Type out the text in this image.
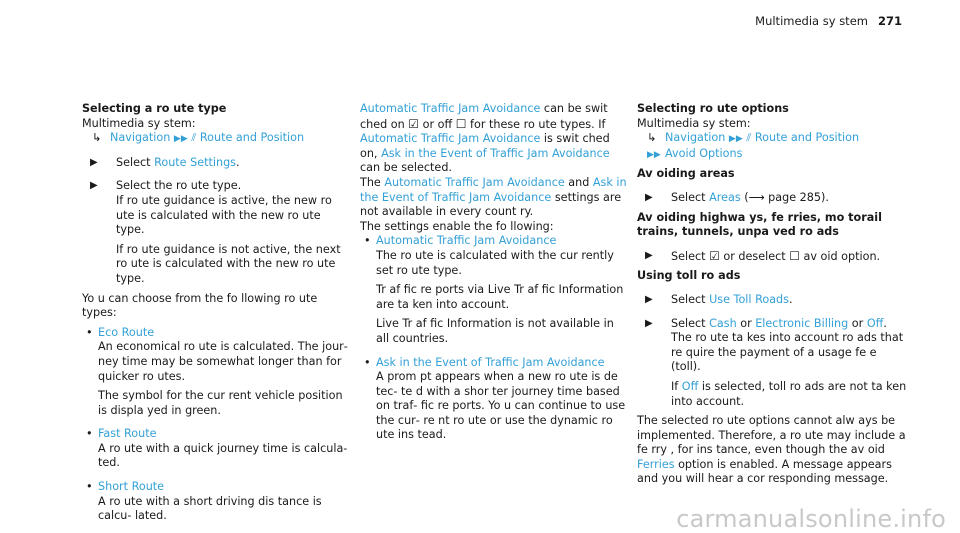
Multimedia sy stem 271

Selecting a ro ute type

Multimedia sy stem:

↳ Navigation ▶▶ ⫽ Route and Position

▶ Select Route Settings.

▶ Select the ro ute type.

If ro ute guidance is active, the new ro ute is calculated with the new ro ute type.

If ro ute guidance is not active, the next ro ute is calculated with the new ro ute type.

Yo u can choose from the fo llowing ro ute types:

• Eco Route

An economical ro ute is calculated. The jour‐ ney time may be somewhat longer than for quicker ro utes.

The symbol for the cur rent vehicle position is displa yed in green.

• Fast Route

A ro ute with a quick journey time is calcula‐ ted.

• Short Route

A ro ute with a short driving dis tance is calcu‐ lated.

Automatic Traffic Jam Avoidance can be swit ched on ☑ or off ☐ for these ro ute types. If Automatic Traffic Jam Avoidance is swit ched on, Ask in the Event of Traffic Jam Avoidance can be selected.

The Automatic Traffic Jam Avoidance and Ask in the Event of Traffic Jam Avoidance settings are not available in every count ry.

The settings enable the fo llowing:

• Automatic Traffic Jam Avoidance

The ro ute is calculated with the cur rently set ro ute type.

Tr af fic re ports via Live Tr af fic Information are ta ken into account.

Live Tr af fic Information is not available in all countries.

• Ask in the Event of Traffic Jam Avoidance

A prom pt appears when a new ro ute is de tec‐ te d with a shor ter journey time based on traf‐ fic re ports. Yo u can continue to use the cur‐ re nt ro ute or use the dynamic ro ute ins tead.

Selecting ro ute options

Multimedia sy stem:

↳ Navigation ▶▶ ⫽ Route and Position

▶▶ Avoid Options

Av oiding areas

▶ Select Areas (⟶ page 285).

Av oiding highwa ys, fe rries, mo torail trains, tunnels, unpa ved ro ads

▶ Select ☑ or deselect ☐ av oid option.

Using toll ro ads

▶ Select Use Toll Roads.

▶ Select Cash or Electronic Billing or Off.

The ro ute ta kes into account ro ads that re quire the payment of a usage fe e (toll).

If Off is selected, toll ro ads are not ta ken into account.

The selected ro ute options cannot alw ays be implemented. Therefore, a ro ute may include a fe rry , for ins tance, even though the av oid Ferries option is enabled. A message appears and you will hear a cor responding message.

carmanualsonline.info
